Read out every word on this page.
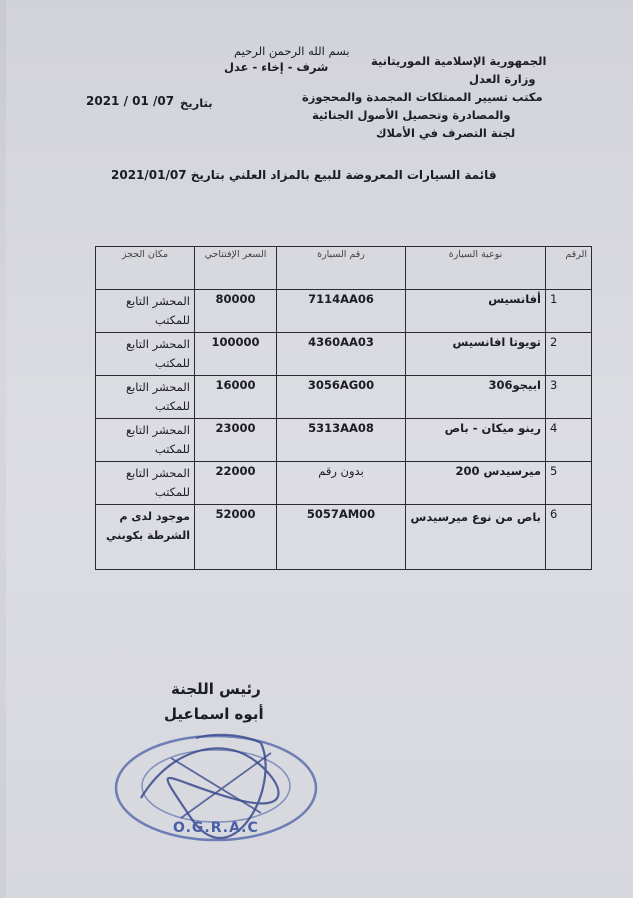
بسم الله الرحمن الرحيم
شرف - إخاء - عدل	الجمهورية الإسلامية الموريتانية
وزارة العدل
مكتب تسيير الممتلكات المجمدة والمحجوزة
والمصادرة وتحصيل الأصول الجنائية
لجنة التصرف في الأملاك
بتاريخ
2021 / 01 /07
قائمة السيارات المعروضة للبيع بالمزاد العلني بتاريخ 2021/01/07
الرقم	نوعية السيارة	رقم السيارة	السعر الإفتتاحي	مكان الحجز
1	أفانسيس	7114AA06	80000	المحشر التابع للمكتب
2	تويوتا افانسيس	4360AA03	100000	المحشر التابع للمكتب
3	ابيجو306	3056AG00	16000	المحشر التابع للمكتب
4	رينو ميكان - باص	5313AA08	23000	المحشر التابع للمكتب
5	ميرسيدس 200	بدون رقم	22000	المحشر التابع للمكتب
6	باص من نوع ميرسيدس	5057AM00	52000	موجود لدى م الشرطة بكوبني
رئيس اللجنة
أبوه اسماعيل
O.G.R.A.C
